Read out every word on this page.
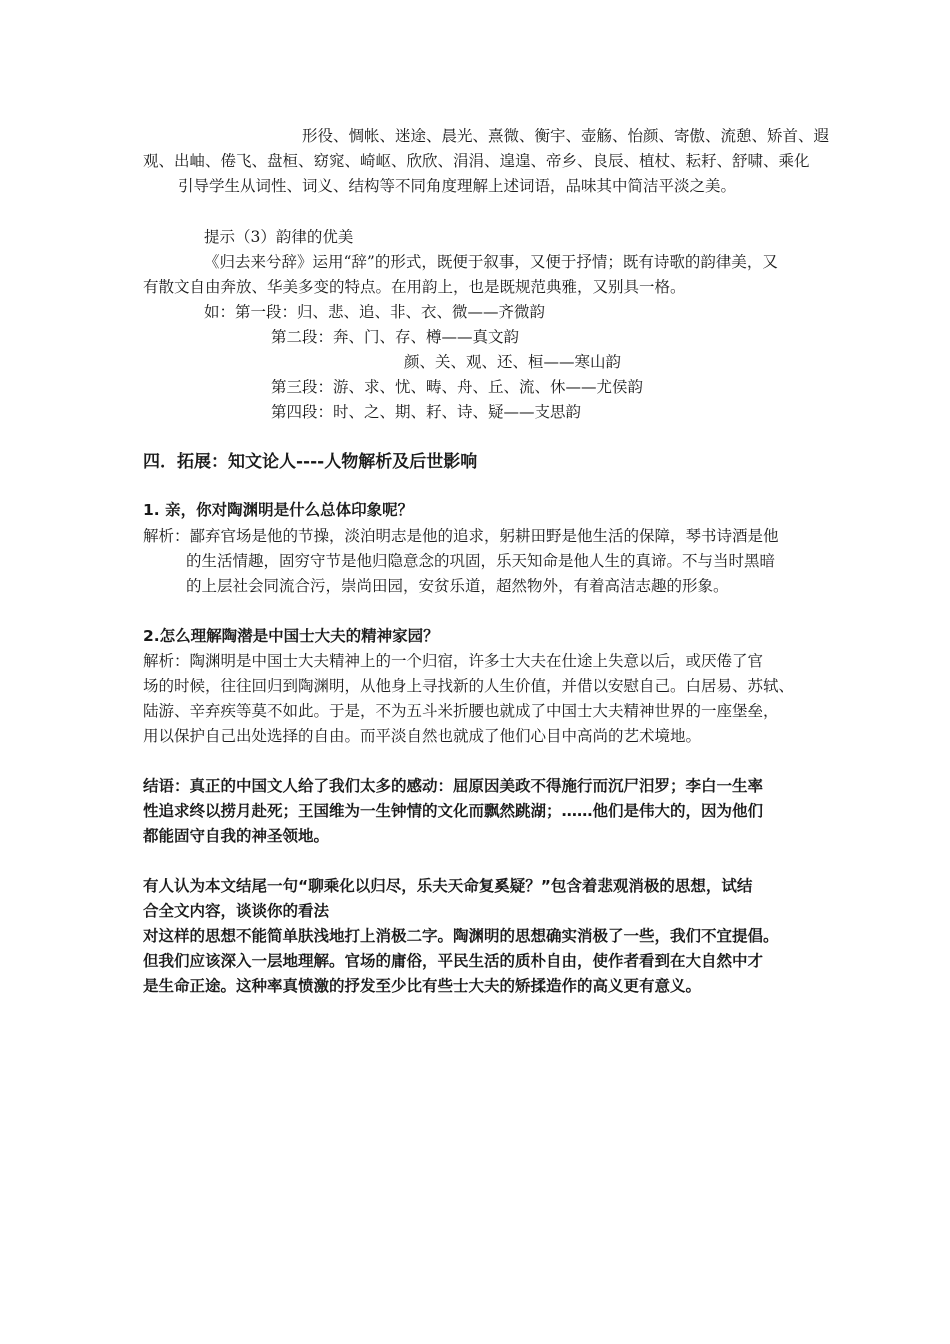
形役、惆帐、迷途、晨光、熹微、衡宇、壶觞、怡颜、寄傲、流憩、矫首、遐
观、出岫、倦飞、盘桓、窈窕、崎岖、欣欣、涓涓、遑遑、帝乡、良辰、植杖、耘耔、舒啸、乘化
引导学生从词性、词义、结构等不同角度理解上述词语，品味其中简洁平淡之美。
提示（3）韵律的优美
《归去来兮辞》运用“辞”的形式，既便于叙事，又便于抒情；既有诗歌的韵律美，又
有散文自由奔放、华美多变的特点。在用韵上，也是既规范典雅，又别具一格。
如：第一段：归、悲、追、非、衣、微——齐微韵
第二段：奔、门、存、樽——真文韵
颜、关、观、还、桓——寒山韵
第三段：游、求、忧、畴、舟、丘、流、休——尤侯韵
第四段：时、之、期、耔、诗、疑——支思韵
四．拓展：知文论人----人物解析及后世影响
1. 亲，你对陶渊明是什么总体印象呢？
解析：鄙弃官场是他的节操，淡泊明志是他的追求，躬耕田野是他生活的保障，琴书诗酒是他
的生活情趣，固穷守节是他归隐意念的巩固，乐天知命是他人生的真谛。不与当时黑暗
的上层社会同流合污，崇尚田园，安贫乐道，超然物外，有着高洁志趣的形象。
2.怎么理解陶潜是中国士大夫的精神家园？
解析：陶渊明是中国士大夫精神上的一个归宿，许多士大夫在仕途上失意以后，或厌倦了官
场的时候，往往回归到陶渊明，从他身上寻找新的人生价值，并借以安慰自己。白居易、苏轼、
陆游、辛弃疾等莫不如此。于是，不为五斗米折腰也就成了中国士大夫精神世界的一座堡垒，
用以保护自己出处选择的自由。而平淡自然也就成了他们心目中高尚的艺术境地。
结语：真正的中国文人给了我们太多的感动：屈原因美政不得施行而沉尸汨罗；李白一生率
性追求终以捞月赴死；王国维为一生钟情的文化而飘然跳湖；……他们是伟大的，因为他们
都能固守自我的神圣领地。
有人认为本文结尾一句“聊乘化以归尽，乐夫天命复奚疑？”包含着悲观消极的思想，试结
合全文内容，谈谈你的看法
对这样的思想不能简单肤浅地打上消极二字。陶渊明的思想确实消极了一些，我们不宜提倡。
但我们应该深入一层地理解。官场的庸俗，平民生活的质朴自由，使作者看到在大自然中才
是生命正途。这种率真愤激的抒发至少比有些士大夫的矫揉造作的高义更有意义。
